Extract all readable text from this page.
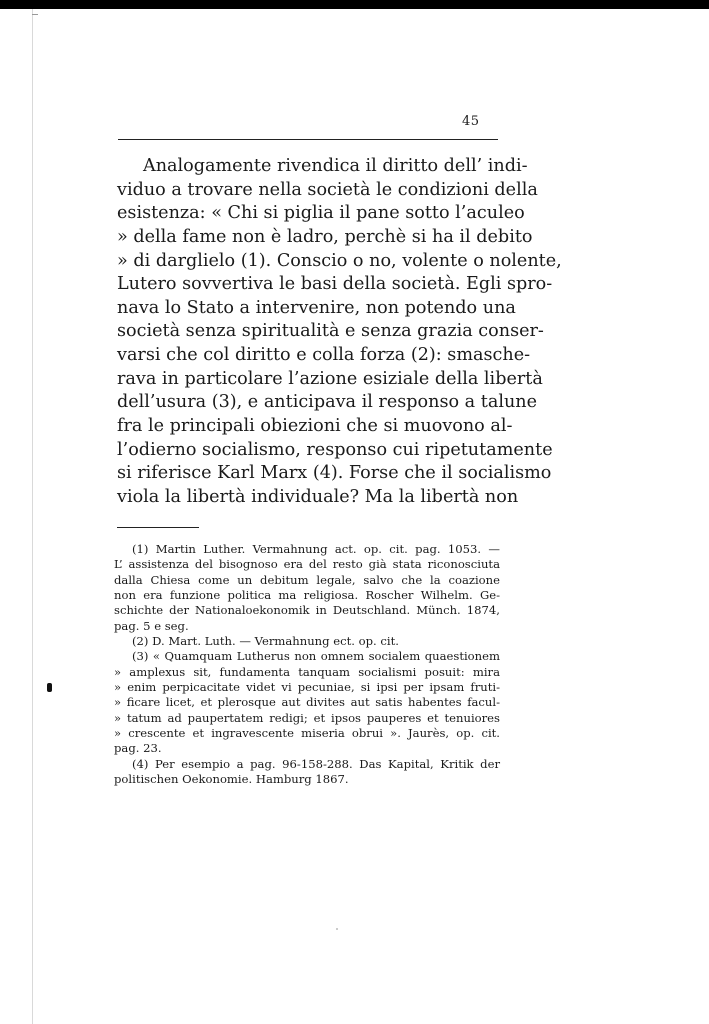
45
Analogamente rivendica il diritto dell’ indi-
viduo a trovare nella società le condizioni della
esistenza: « Chi si piglia il pane sotto l’aculeo
» della fame non è ladro, perchè si ha il debito
» di darglielo (1). Conscio o no, volente o nolente,
Lutero sovvertiva le basi della società. Egli spro-
nava lo Stato a intervenire, non potendo una
società senza spiritualità e senza grazia conser-
varsi che col diritto e colla forza (2): smasche-
rava in particolare l’azione esiziale della libertà
dell’usura (3), e anticipava il responso a talune
fra le principali obiezioni che si muovono al-
l’odierno socialismo, responso cui ripetutamente
si riferisce Karl Marx (4). Forse che il socialismo
viola la libertà individuale? Ma la libertà non
(1) Martin Luther. Vermahnung act. op. cit. pag. 1053. —
L’ assistenza del bisognoso era del resto già stata riconosciuta
dalla Chiesa come un debitum legale, salvo che la coazione
non era funzione politica ma religiosa. Roscher Wilhelm. Ge-
schichte der Nationaloekonomik in Deutschland. Münch. 1874,
pag. 5 e seg.
(2) D. Mart. Luth. — Vermahnung ect. op. cit.
(3) « Quamquam Lutherus non omnem socialem quaestionem
» amplexus sit, fundamenta tanquam socialismi posuit: mira
» enim perpicacitate videt vi pecuniae, si ipsi per ipsam fruti-
» ficare licet, et plerosque aut divites aut satis habentes facul-
» tatum ad paupertatem redigi; et ipsos pauperes et tenuiores
» crescente et ingravescente miseria obrui ». Jaurès, op. cit.
pag. 23.
(4) Per esempio a pag. 96-158-288. Das Kapital, Kritik der
politischen Oekonomie. Hamburg 1867.
